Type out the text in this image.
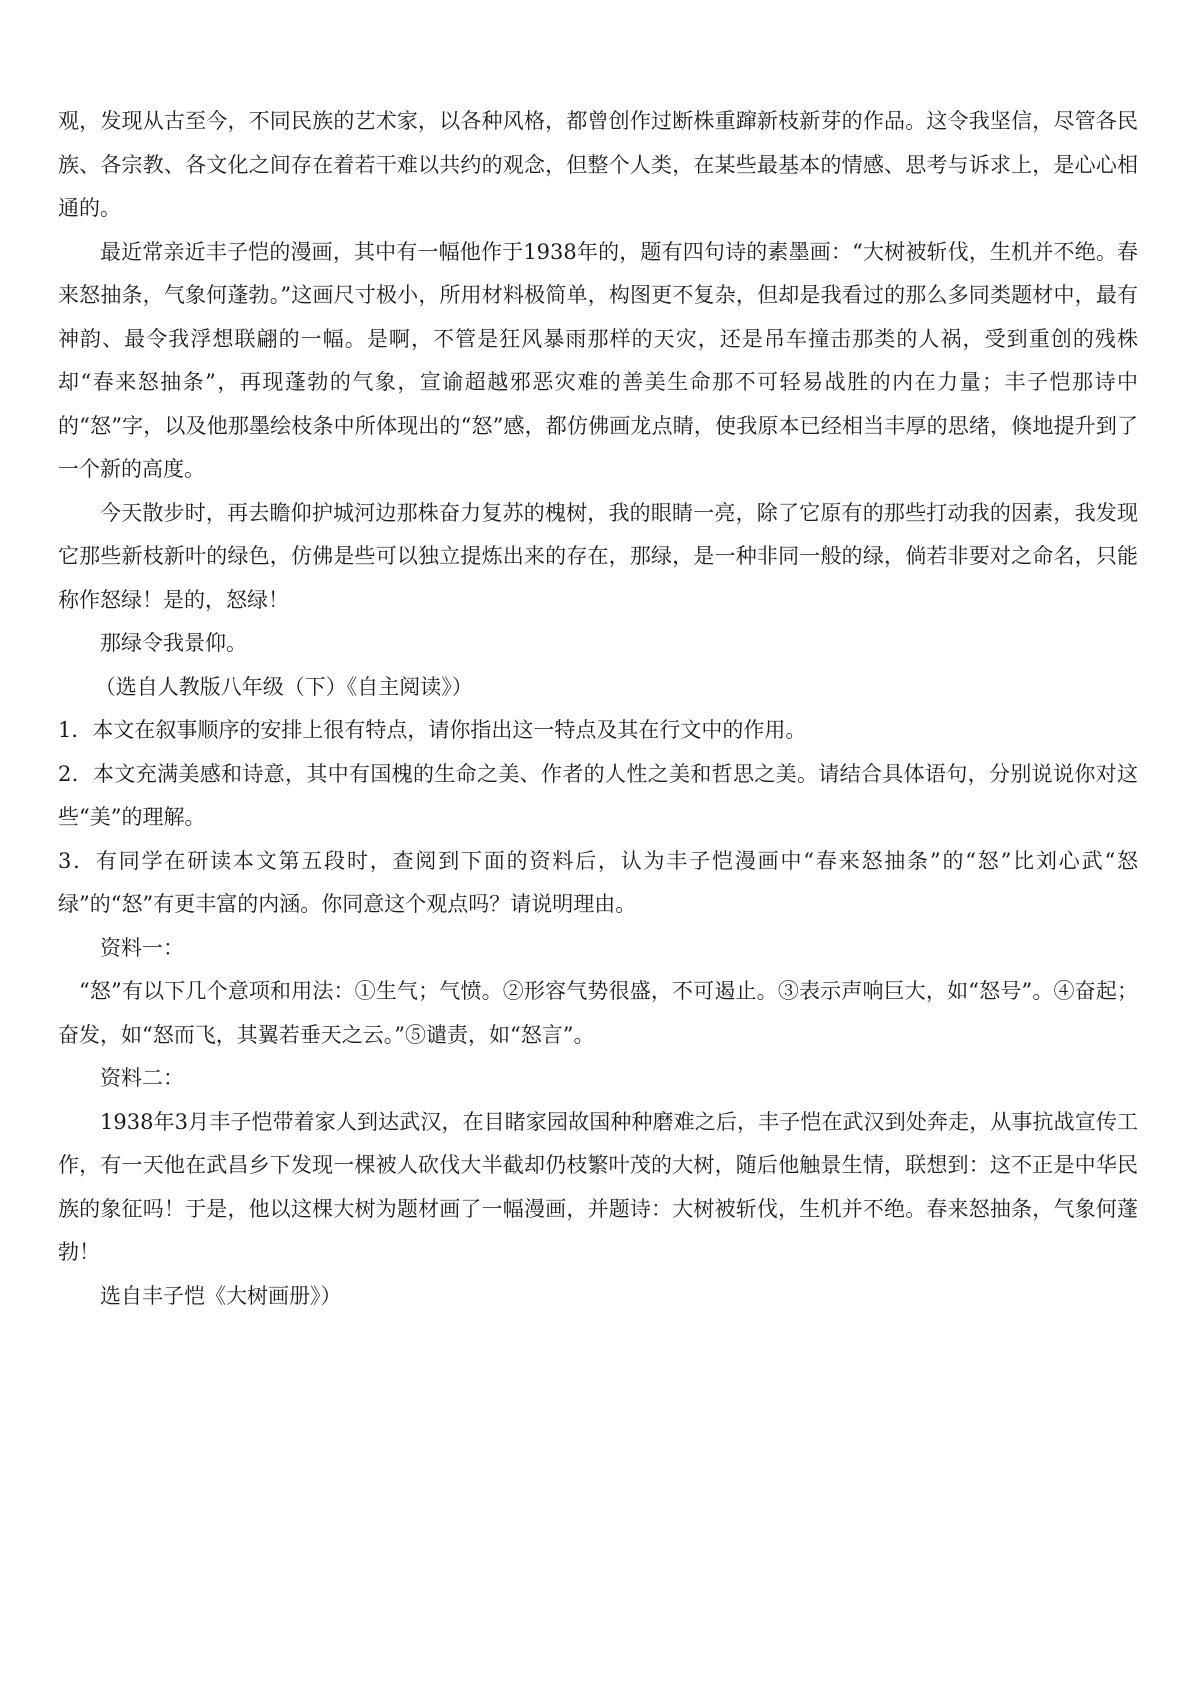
观，发现从古至今，不同民族的艺术家，以各种风格，都曾创作过断株重蹿新枝新芽的作品。这令我坚信，尽管各民族、各宗教、各文化之间存在着若干难以共约的观念，但整个人类，在某些最基本的情感、思考与诉求上，是心心相通的。

最近常亲近丰子恺的漫画，其中有一幅他作于1938年的，题有四句诗的素墨画：“大树被斩伐，生机并不绝。春来怒抽条，气象何蓬勃。”这画尺寸极小，所用材料极简单，构图更不复杂，但却是我看过的那么多同类题材中，最有神韵、最令我浮想联翩的一幅。是啊，不管是狂风暴雨那样的天灾，还是吊车撞击那类的人祸，受到重创的残株却“春来怒抽条”，再现蓬勃的气象，宣谕超越邪恶灾难的善美生命那不可轻易战胜的内在力量；丰子恺那诗中的“怒”字，以及他那墨绘枝条中所体现出的“怒”感，都仿佛画龙点睛，使我原本已经相当丰厚的思绪，倏地提升到了一个新的高度。

今天散步时，再去瞻仰护城河边那株奋力复苏的槐树，我的眼睛一亮，除了它原有的那些打动我的因素，我发现它那些新枝新叶的绿色，仿佛是些可以独立提炼出来的存在，那绿，是一种非同一般的绿，倘若非要对之命名，只能称作怒绿！是的，怒绿！

那绿令我景仰。

（选自人教版八年级（下）《自主阅读》）

1．本文在叙事顺序的安排上很有特点，请你指出这一特点及其在行文中的作用。

2．本文充满美感和诗意，其中有国槐的生命之美、作者的人性之美和哲思之美。请结合具体语句，分别说说你对这些“美”的理解。

3．有同学在研读本文第五段时，查阅到下面的资料后，认为丰子恺漫画中“春来怒抽条”的“怒”比刘心武“怒绿”的“怒”有更丰富的内涵。你同意这个观点吗？请说明理由。

资料一：

“怒”有以下几个意项和用法：①生气；气愤。②形容气势很盛，不可遏止。③表示声响巨大，如“怒号”。④奋起；奋发，如“怒而飞，其翼若垂天之云。”⑤谴责，如“怒言”。

资料二：

1938年3月丰子恺带着家人到达武汉，在目睹家园故国种种磨难之后，丰子恺在武汉到处奔走，从事抗战宣传工作，有一天他在武昌乡下发现一棵被人砍伐大半截却仍枝繁叶茂的大树，随后他触景生情，联想到：这不正是中华民族的象征吗！于是，他以这棵大树为题材画了一幅漫画，并题诗：大树被斩伐，生机并不绝。春来怒抽条，气象何蓬勃！

选自丰子恺《大树画册》）
